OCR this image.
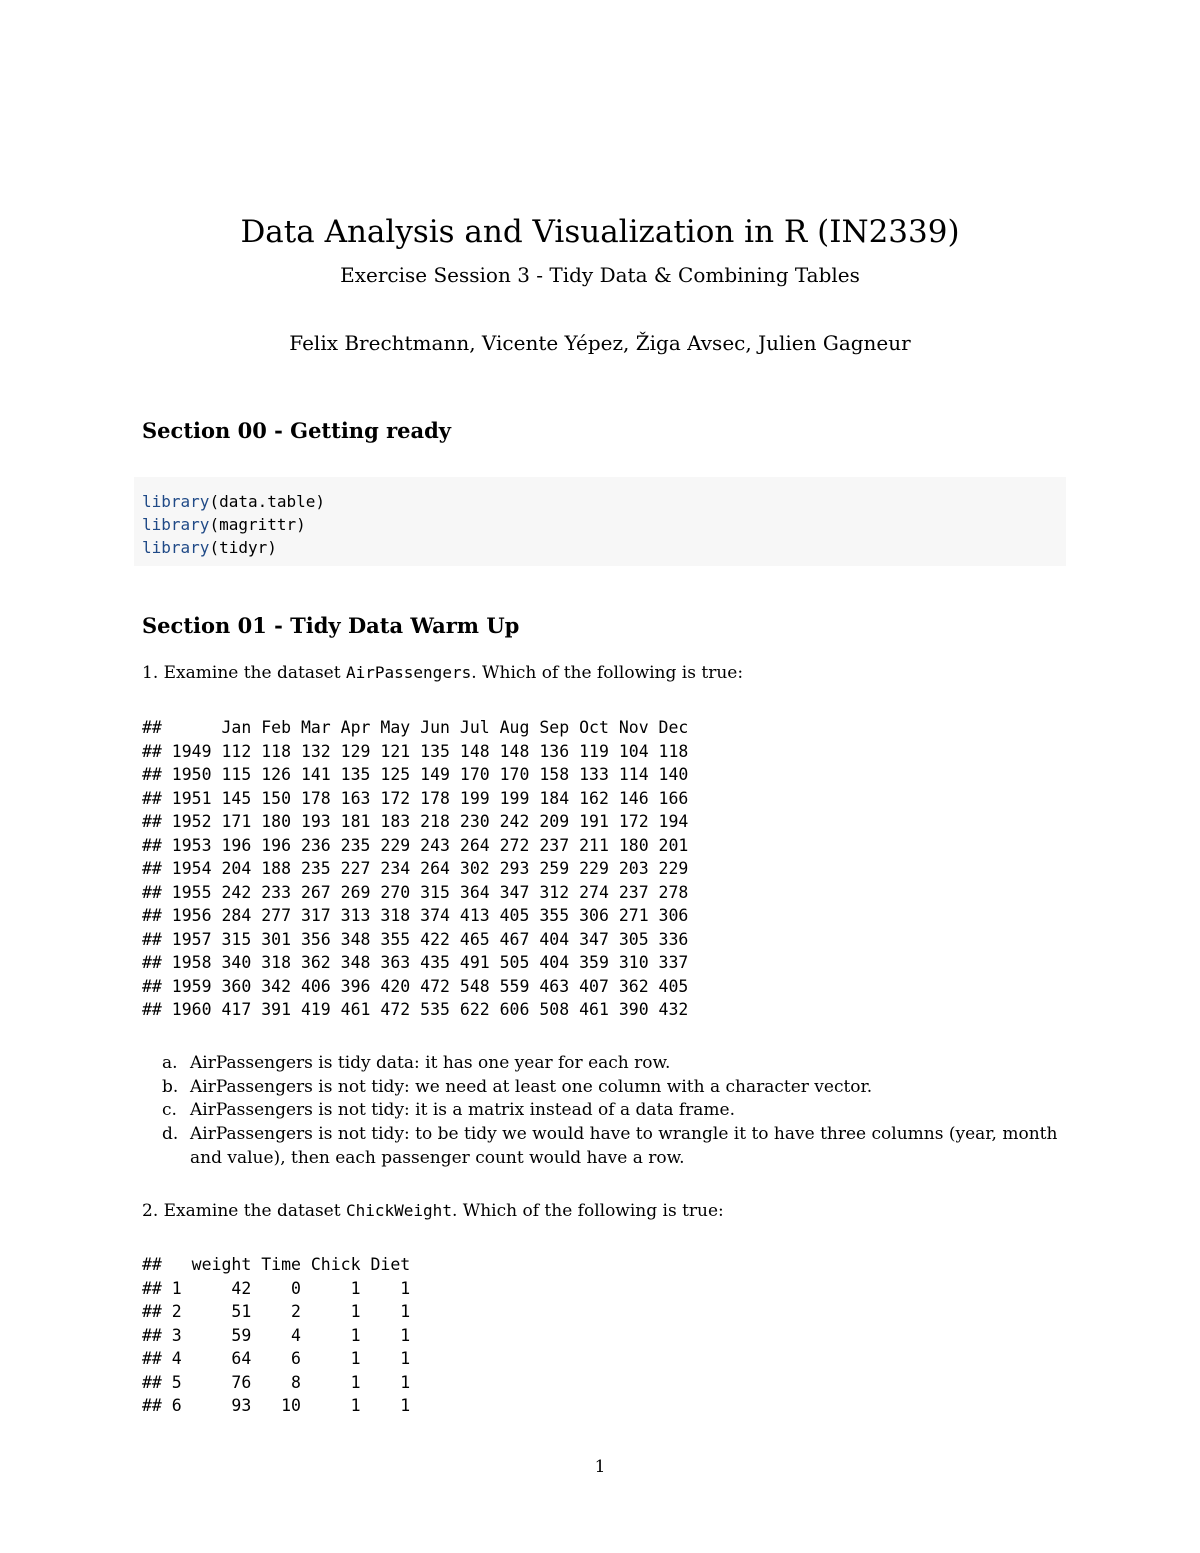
Data Analysis and Visualization in R (IN2339)
Exercise Session 3 - Tidy Data & Combining Tables
Felix Brechtmann, Vicente Yépez, Žiga Avsec, Julien Gagneur
Section 00 - Getting ready
library(data.table)
library(magrittr)
library(tidyr)
Section 01 - Tidy Data Warm Up
1. Examine the dataset AirPassengers. Which of the following is true:
##      Jan Feb Mar Apr May Jun Jul Aug Sep Oct Nov Dec
## 1949 112 118 132 129 121 135 148 148 136 119 104 118
## 1950 115 126 141 135 125 149 170 170 158 133 114 140
## 1951 145 150 178 163 172 178 199 199 184 162 146 166
## 1952 171 180 193 181 183 218 230 242 209 191 172 194
## 1953 196 196 236 235 229 243 264 272 237 211 180 201
## 1954 204 188 235 227 234 264 302 293 259 229 203 229
## 1955 242 233 267 269 270 315 364 347 312 274 237 278
## 1956 284 277 317 313 318 374 413 405 355 306 271 306
## 1957 315 301 356 348 355 422 465 467 404 347 305 336
## 1958 340 318 362 348 363 435 491 505 404 359 310 337
## 1959 360 342 406 396 420 472 548 559 463 407 362 405
## 1960 417 391 419 461 472 535 622 606 508 461 390 432
a. AirPassengers is tidy data: it has one year for each row.
b. AirPassengers is not tidy: we need at least one column with a character vector.
c. AirPassengers is not tidy: it is a matrix instead of a data frame.
d. AirPassengers is not tidy: to be tidy we would have to wrangle it to have three columns (year, month and value), then each passenger count would have a row.
2. Examine the dataset ChickWeight. Which of the following is true:
##   weight Time Chick Diet
## 1     42    0     1    1
## 2     51    2     1    1
## 3     59    4     1    1
## 4     64    6     1    1
## 5     76    8     1    1
## 6     93   10     1    1
1
